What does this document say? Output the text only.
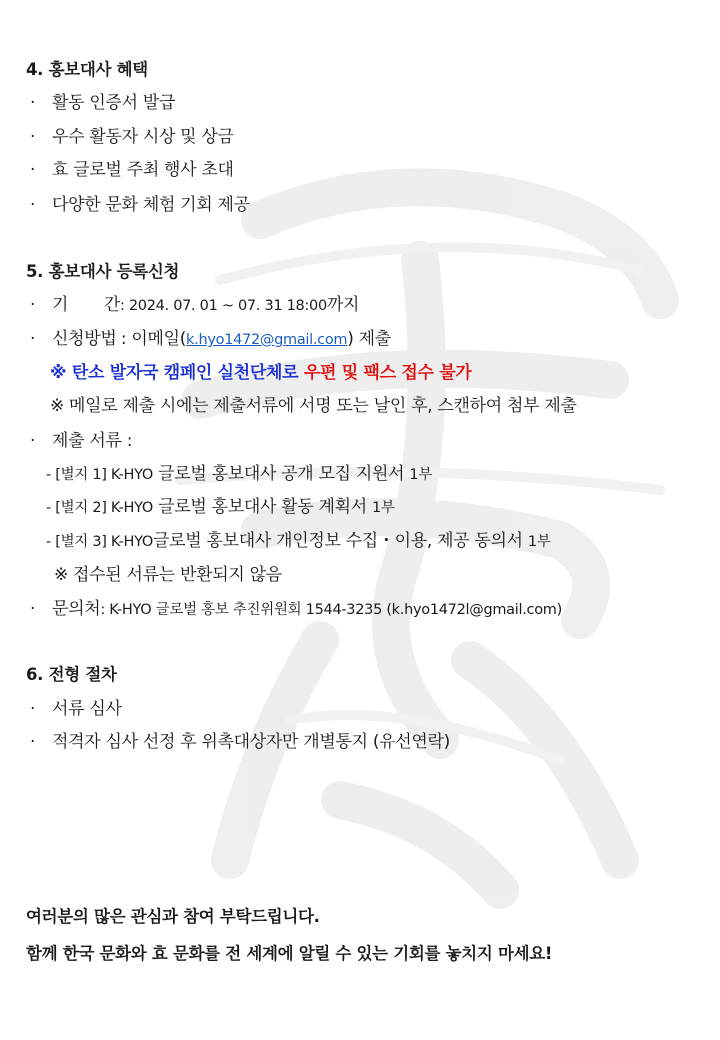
4. 홍보대사 혜택
· 활동 인증서 발급
· 우수 활동자 시상 및 상금
· 효 글로벌 주최 행사 초대
· 다양한 문화 체험 기회 제공
5. 홍보대사 등록신청
· 기       간: 2024. 07. 01 ~ 07. 31 18:00까지
· 신청방법 : 이메일(k.hyo1472@gmail.com) 제출
※ 탄소 발자국 캠페인 실천단체로 우편 및 팩스 접수 불가
※ 메일로 제출 시에는 제출서류에 서명 또는 날인 후, 스캔하여 첨부 제출
· 제출 서류 :
- [별지 1] K-HYO 글로벌 홍보대사 공개 모집 지원서 1부
- [별지 2] K-HYO 글로벌 홍보대사 활동 계획서 1부
- [별지 3] K-HYO글로벌 홍보대사 개인정보 수집・이용, 제공 동의서 1부
※ 접수된 서류는 반환되지 않음
· 문의처: K-HYO 글로벌 홍보 추진위원회 1544-3235 (k.hyo1472l@gmail.com)
6. 전형 절차
· 서류 심사
· 적격자 심사 선정 후 위촉대상자만 개별통지 (유선연락)
여러분의 많은 관심과 참여 부탁드립니다.
함께 한국 문화와 효 문화를 전 세계에 알릴 수 있는 기회를 놓치지 마세요!
